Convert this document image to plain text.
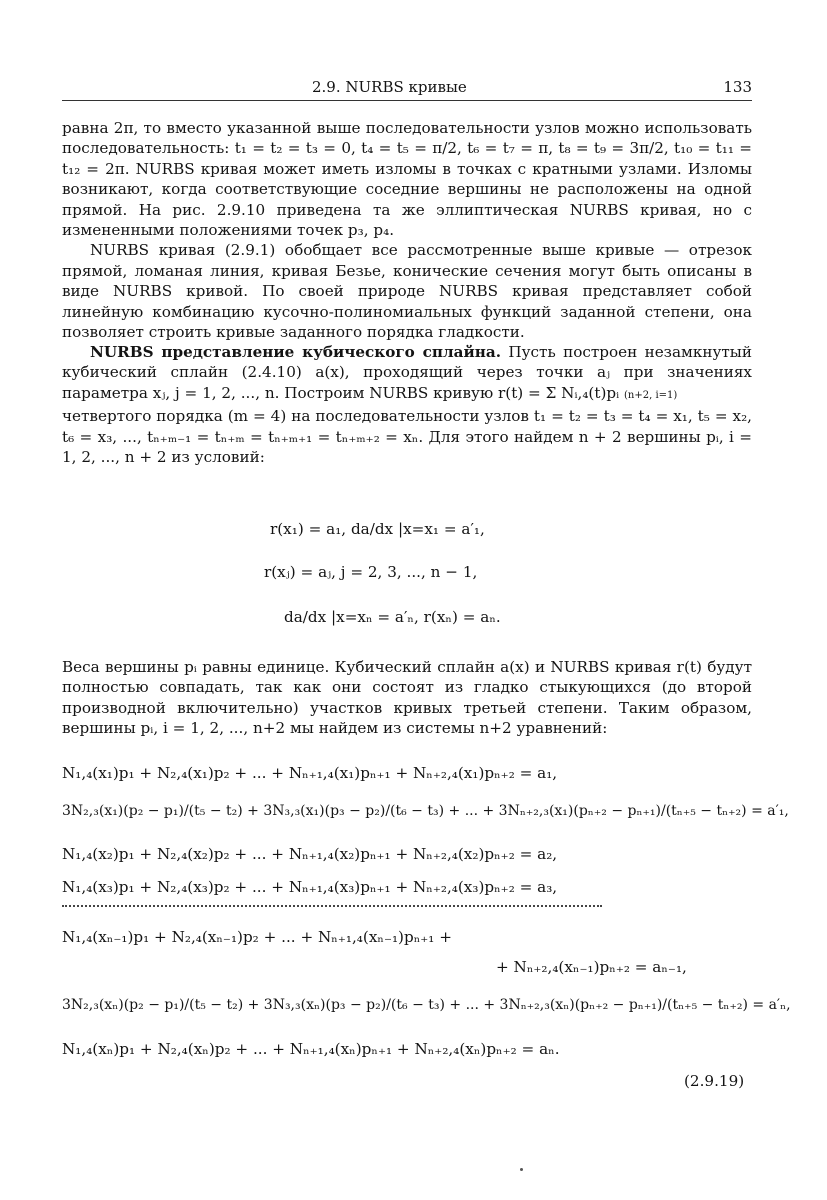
2.9. NURBS кривые	133

равна 2π, то вместо указанной выше последовательности узлов можно использовать последовательность: t₁ = t₂ = t₃ = 0, t₄ = t₅ = π/2, t₆ = t₇ = π, t₈ = t₉ = 3π/2, t₁₀ = t₁₁ = t₁₂ = 2π. NURBS кривая может иметь изломы в точках с кратными узлами. Изломы возникают, когда соответствующие соседние вершины не расположены на одной прямой. На рис. 2.9.10 приведена та же эллиптическая NURBS кривая, но с измененными положениями точек p₃, p₄.

NURBS кривая (2.9.1) обобщает все рассмотренные выше кривые — отрезок прямой, ломаная линия, кривая Безье, конические сечения могут быть описаны в виде NURBS кривой. По своей природе NURBS кривая представляет собой линейную комбинацию кусочно-полиномиальных функций заданной степени, она позволяет строить кривые заданного порядка гладкости.

NURBS представление кубического сплайна. Пусть построен незамкнутый кубический сплайн (2.4.10) a(x), проходящий через точки aⱼ при значениях параметра xⱼ, j = 1, 2, ..., n. Построим NURBS кривую r(t) = Σ Nᵢ,₄(t)pᵢ (n+2, i=1)

четвертого порядка (m = 4) на последовательности узлов t₁ = t₂ = t₃ = t₄ = x₁, t₅ = x₂, t₆ = x₃, ..., tₙ₊ₘ₋₁ = tₙ₊ₘ = tₙ₊ₘ₊₁ = tₙ₊ₘ₊₂ = xₙ. Для этого найдем n + 2 вершины pᵢ, i = 1, 2, ..., n + 2 из условий:

r(x₁) = a₁, da/dx |x=x₁ = a′₁,
r(xⱼ) = aⱼ, j = 2, 3, ..., n − 1,
da/dx |x=xₙ = a′ₙ, r(xₙ) = aₙ.

Веса вершины pᵢ равны единице. Кубический сплайн a(x) и NURBS кривая r(t) будут полностью совпадать, так как они состоят из гладко стыкующихся (до второй производной включительно) участков кривых третьей степени. Таким образом, вершины pᵢ, i = 1, 2, ..., n+2 мы найдем из системы n+2 уравнений:

N₁,₄(x₁)p₁ + N₂,₄(x₁)p₂ + ... + Nₙ₊₁,₄(x₁)pₙ₊₁ + Nₙ₊₂,₄(x₁)pₙ₊₂ = a₁,
3N₂,₃(x₁)(p₂ − p₁)/(t₅ − t₂) + 3N₃,₃(x₁)(p₃ − p₂)/(t₆ − t₃) + ... + 3Nₙ₊₂,₃(x₁)(pₙ₊₂ − pₙ₊₁)/(tₙ₊₅ − tₙ₊₂) = a′₁,
N₁,₄(x₂)p₁ + N₂,₄(x₂)p₂ + ... + Nₙ₊₁,₄(x₂)pₙ₊₁ + Nₙ₊₂,₄(x₂)pₙ₊₂ = a₂,
N₁,₄(x₃)p₁ + N₂,₄(x₃)p₂ + ... + Nₙ₊₁,₄(x₃)pₙ₊₁ + Nₙ₊₂,₄(x₃)pₙ₊₂ = a₃,
N₁,₄(xₙ₋₁)p₁ + N₂,₄(xₙ₋₁)p₂ + ... + Nₙ₊₁,₄(xₙ₋₁)pₙ₊₁ +
+ Nₙ₊₂,₄(xₙ₋₁)pₙ₊₂ = aₙ₋₁,
3N₂,₃(xₙ)(p₂ − p₁)/(t₅ − t₂) + 3N₃,₃(xₙ)(p₃ − p₂)/(t₆ − t₃) + ... + 3Nₙ₊₂,₃(xₙ)(pₙ₊₂ − pₙ₊₁)/(tₙ₊₅ − tₙ₊₂) = a′ₙ,
N₁,₄(xₙ)p₁ + N₂,₄(xₙ)p₂ + ... + Nₙ₊₁,₄(xₙ)pₙ₊₁ + Nₙ₊₂,₄(xₙ)pₙ₊₂ = aₙ.
(2.9.19)
